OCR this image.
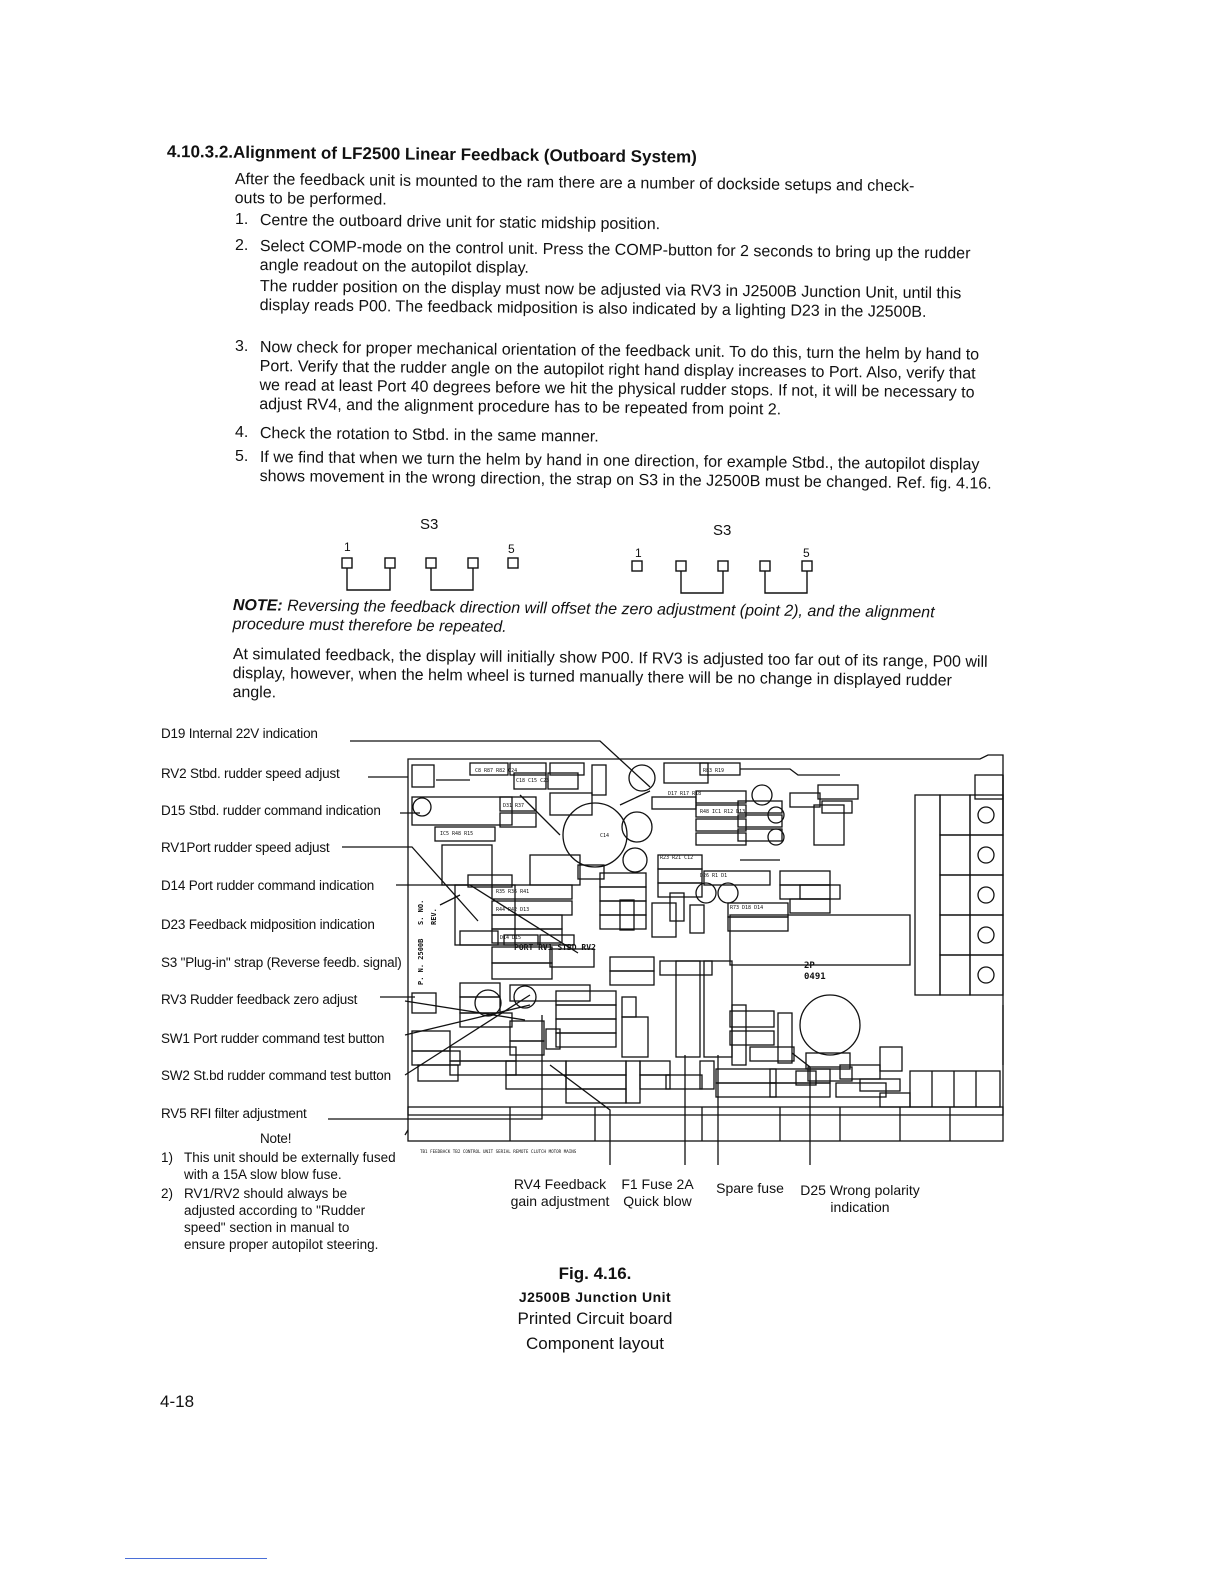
4.10.3.2.Alignment of LF2500 Linear Feedback (Outboard System)
After the feedback unit is mounted to the ram there are a number of dockside setups and check-outs to be performed.
1. Centre the outboard drive unit for static midship position.
2. Select COMP-mode on the control unit. Press the COMP-button for 2 seconds to bring up the rudder angle readout on the autopilot display.
The rudder position on the display must now be adjusted via RV3 in J2500B Junction Unit, until this display reads P00. The feedback midposition is also indicated by a lighting D23 in the J2500B.
3. Now check for proper mechanical orientation of the feedback unit. To do this, turn the helm by hand to Port. Verify that the rudder angle on the autopilot right hand display increases to Port. Also, verify that we read at least Port 40 degrees before we hit the physical rudder stops. If not, it will be necessary to adjust RV4, and the alignment procedure has to be repeated from point 2.
4. Check the rotation to Stbd. in the same manner.
5. If we find that when we turn the helm by hand in one direction, for example Stbd., the autopilot display shows movement in the wrong direction, the strap on S3 in the J2500B must be changed. Ref. fig. 4.16.
S3
1	5
S3
1	5
NOTE: Reversing the feedback direction will offset the zero adjustment (point 2), and the alignment procedure must therefore be repeated.
At simulated feedback, the display will initially show P00. If RV3 is adjusted too far out of its range, P00 will display, however, when the helm wheel is turned manually there will be no change in displayed rudder angle.
D19 Internal 22V indication
RV2 Stbd. rudder speed adjust
D15 Stbd. rudder command indication
RV1Port rudder speed adjust
D14 Port rudder command indication
D23 Feedback midposition indication
S3 "Plug-in" strap (Reverse feedb. signal)
RV3 Rudder feedback zero adjust
SW1 Port rudder command test button
SW2 St.bd rudder command test button
RV5 RFI filter adjustment
Note!
1) This unit should be externally fused with a 15A slow blow fuse.
2) RV1/RV2 should always be adjusted according to "Rudder speed" section in manual to ensure proper autopilot steering.
C8 R87 R82 C24
C18 C15 C23
R83 R19
D17 R17 R18
R48 IC1 R12 D13
D31 R37
IC5 R48 R15	C14
R23 R21 C12
R35 R36 R41
R44 R42 D13
D26 R1 D1
R73 D18 D14
D14 D15
PORT RV1 STBD RV2
2P
0491
S. NO. REV.
P. N. 2500B
TB1 FEEDBACK TB2 CONTROL UNIT SERIAL REMOTE CLUTCH MOTOR MAINS
RV4 Feedback
gain adjustment
F1 Fuse 2A
Quick blow
Spare fuse	D25 Wrong polarity
indication
Fig. 4.16.
J2500B Junction Unit
Printed Circuit board
Component layout
4-18
